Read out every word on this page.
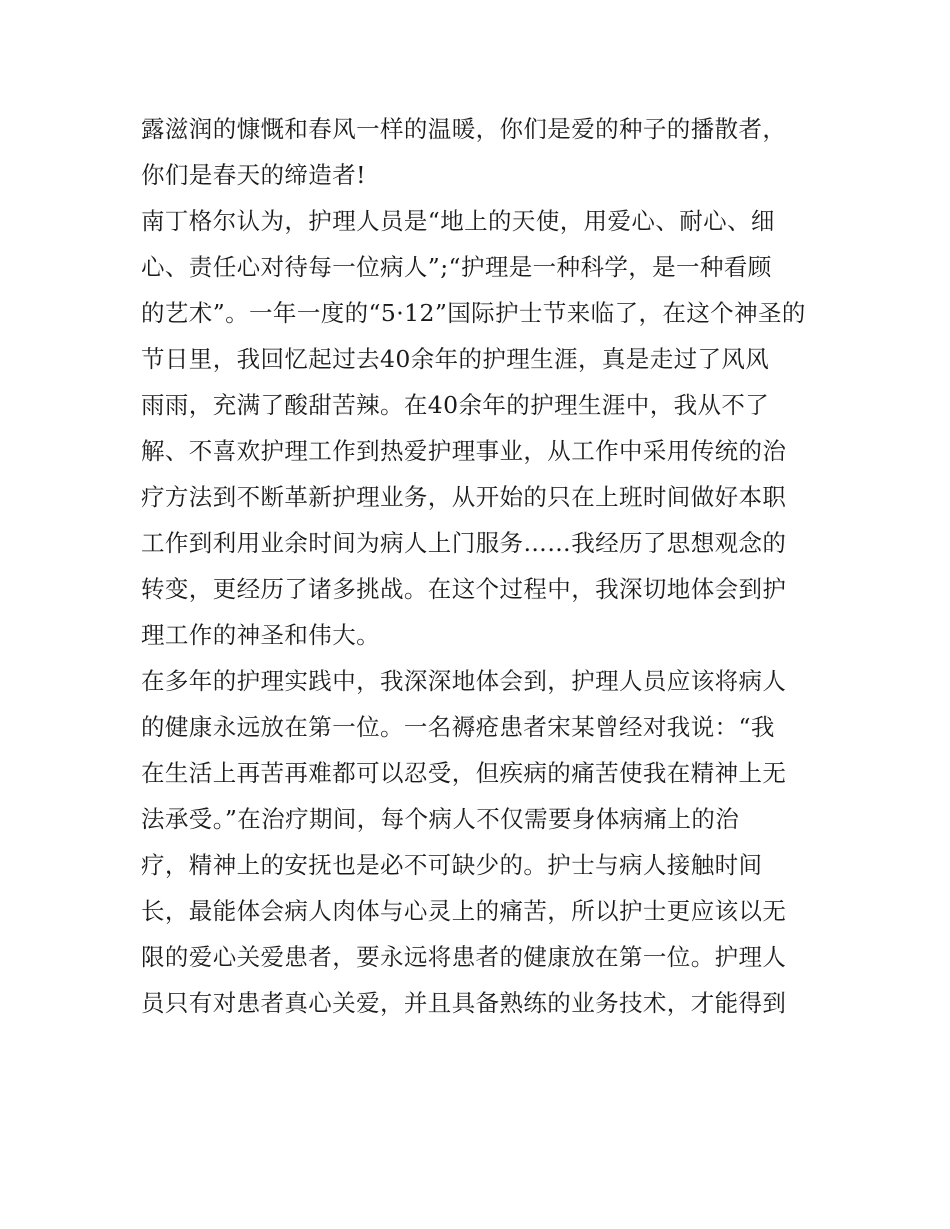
露滋润的慷慨和春风一样的温暖，你们是爱的种子的播散者，
你们是春天的缔造者!
南丁格尔认为，护理人员是“地上的天使，用爱心、耐心、细
心、责任心对待每一位病人”;“护理是一种科学，是一种看顾
的艺术”。一年一度的“5·12”国际护士节来临了，在这个神圣的
节日里，我回忆起过去40余年的护理生涯，真是走过了风风
雨雨，充满了酸甜苦辣。在40余年的护理生涯中，我从不了
解、不喜欢护理工作到热爱护理事业，从工作中采用传统的治
疗方法到不断革新护理业务，从开始的只在上班时间做好本职
工作到利用业余时间为病人上门服务……我经历了思想观念的
转变，更经历了诸多挑战。在这个过程中，我深切地体会到护
理工作的神圣和伟大。
在多年的护理实践中，我深深地体会到，护理人员应该将病人
的健康永远放在第一位。一名褥疮患者宋某曾经对我说：“我
在生活上再苦再难都可以忍受，但疾病的痛苦使我在精神上无
法承受。”在治疗期间，每个病人不仅需要身体病痛上的治
疗，精神上的安抚也是必不可缺少的。护士与病人接触时间
长，最能体会病人肉体与心灵上的痛苦，所以护士更应该以无
限的爱心关爱患者，要永远将患者的健康放在第一位。护理人
员只有对患者真心关爱，并且具备熟练的业务技术，才能得到
